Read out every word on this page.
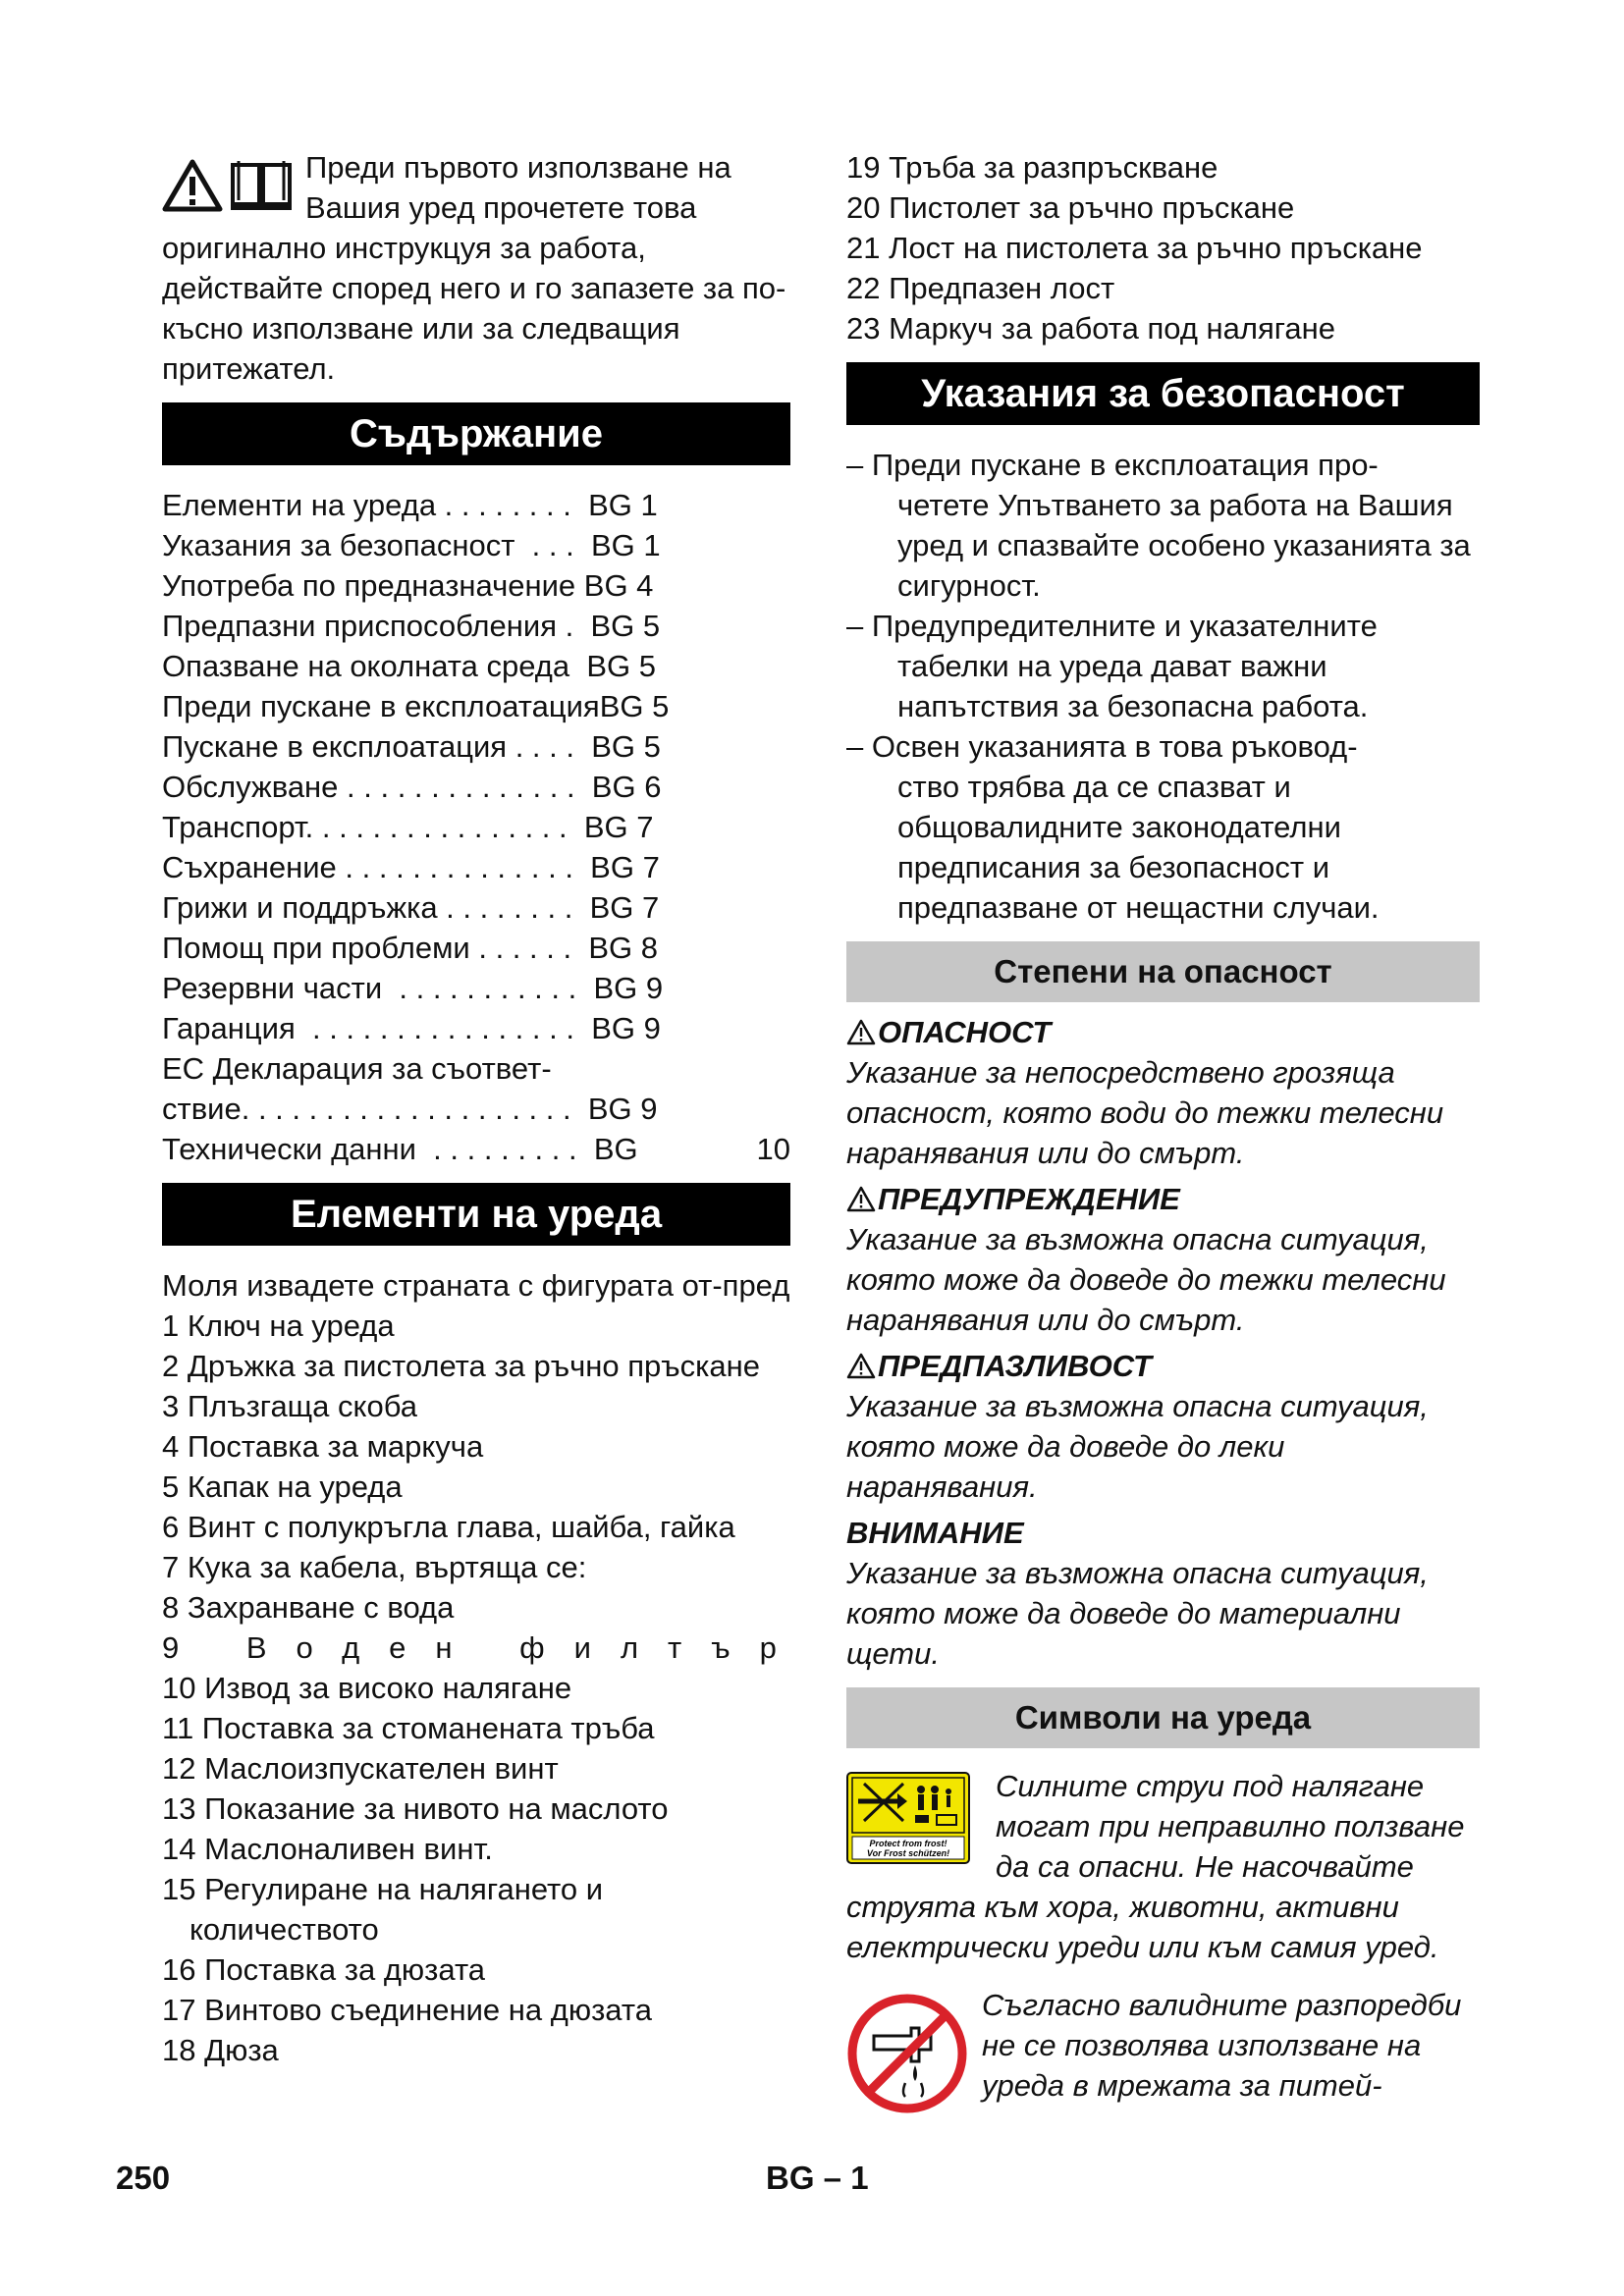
Преди първото използване на

Вашия уред прочетете това

оригинално инструкцуя за работа, действайте според него и го запазете за по-късно използване или за следващия притежател.

Съдържание
Елементи на уреда . . . . . . . . BG 1
Указания за безопасност  . . . BG 1
Употреба по предназначение BG 4
Предпазни приспособления . BG 5
Опазване на околната среда BG 5
Преди пускане в експлоатация BG 5
Пускане в експлоатация . . . . BG 5
Обслужване . . . . . . . . . . . . . . BG 6
Транспорт. . . . . . . . . . . . . . . . BG 7
Съхранение . . . . . . . . . . . . . . BG 7
Грижи и поддръжка . . . . . . . . BG 7
Помощ при проблеми . . . . . . BG 8
Резервни части  . . . . . . . . . . . BG 9
Гаранция  . . . . . . . . . . . . . . . . BG 9
ЕС Декларация за съответ-
ствие. . . . . . . . . . . . . . . . . . . . BG 9
Технически данни  . . . . . . . . . BG	10
Елементи на уреда

Моля извадете страната с фигурата от-пред

1 Ключ на уреда

2 Дръжка за пистолета за ръчно пръскане

3 Плъзгаща скоба

4 Поставка за маркуча

5 Капак на уреда

6 Винт с полукръгла глава, шайба, гайка

7 Кука за кабела, въртяща се:

8 Захранване с вода

9 Воден филтър

10 Извод за високо налягане

11 Поставка за стоманената тръба

12 Маслоизпускателен винт

13 Показание за нивото на маслото

14 Маслоналивен винт.

15 Регулиране на налягането и количеството

16 Поставка за дюзата

17 Винтово съединение на дюзата

18 Дюза

19 Тръба за разпръскване

20 Пистолет за ръчно пръскане

21 Лост на пистолета за ръчно пръскане

22 Предпазен лост

23 Маркуч за работа под налягане

Указания за безопасност

– Преди пускане в експлоатация про-
четете Упътването за работа на Вашия уред и спазвайте особено указанията за сигурност.

– Предупредителните и указателните
табелки на уреда дават важни напътствия за безопасна работа.

– Освен указанията в това ръковод-
ство трябва да се спазват и общовалидните законодателни предписания за безопасност и предпазване от нещастни случаи.

Степени на опасност

ОПАСНОСТ

Указание за непосредствено грозяща опасност, която води до тежки телесни наранявания или до смърт.

ПРЕДУПРЕЖДЕНИЕ

Указание за възможна опасна ситуация, която може да доведе до тежки телесни наранявания или до смърт.

ПРЕДПАЗЛИВОСТ

Указание за възможна опасна ситуация, която може да доведе до леки наранявания.

ВНИМАНИЕ

Указание за възможна опасна ситуация, която може да доведе до материални щети.

Символи на уреда
Protect from frost!
Vor Frost schützen!
Силните струи под налягане могат при неправилно ползване да са опасни. Не насочвайте струята към хора, животни, активни електрически уреди или към самия уред.
Съгласно валидните разпоредби не се позволява използване на уреда в мрежата за питей-
250	BG – 1
